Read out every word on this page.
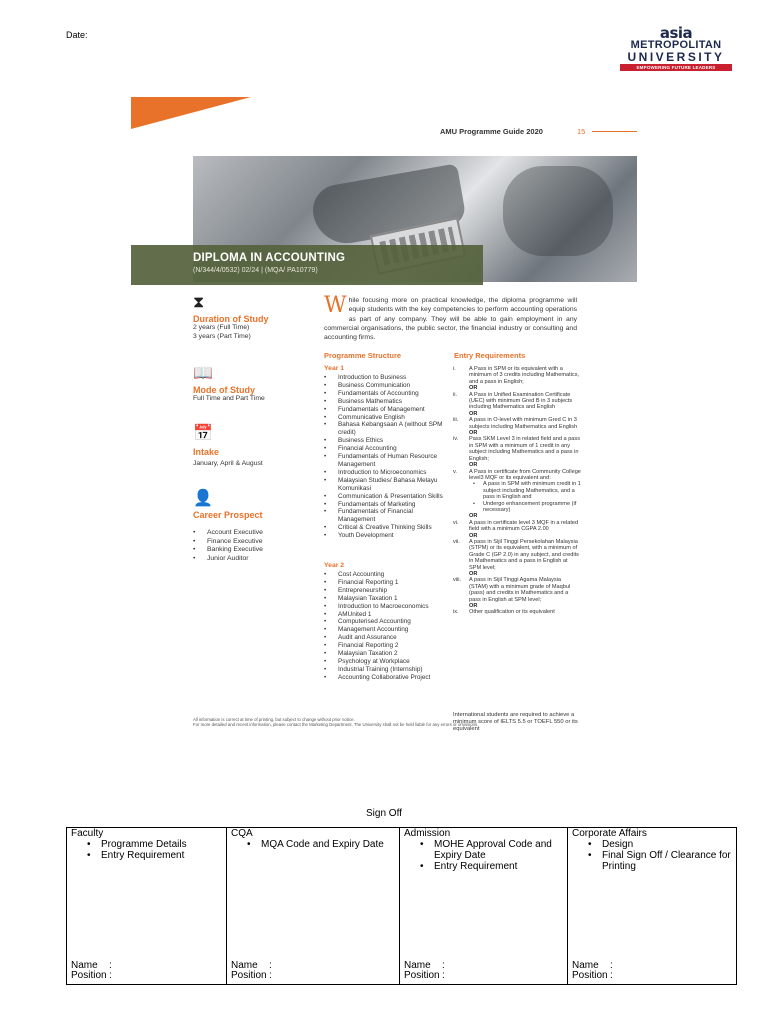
Date:	asia
METROPOLITAN
UNIVERSITY
EMPOWERING FUTURE LEADERS
AMU Programme Guide 2020	15
DIPLOMA IN ACCOUNTING
(N/344/4/0532) 02/24 | (MQA/ PA10779)
⧗
Duration of Study
2 years (Full Time)
3 years (Part Time)
📖
Mode of Study
Full Time and Part Time
📅
Intake
January, April & August
👤
Career Prospect
• Account Executive
• Finance Executive
• Banking Executive
• Junior Auditor
While focusing more on practical knowledge, the diploma programme will equip students with the key competencies to perform accounting operations as part of any company. They will be able to gain employment in any commercial organisations, the public sector, the financial industry or consulting and accounting firms.
Programme Structure
Year 1
• Introduction to Business
• Business Communication
• Fundamentals of Accounting
• Business Mathematics
• Fundamentals of Management
• Communicative English
• Bahasa Kebangsaan A (without SPM credit)
• Business Ethics
• Financial Accounting
• Fundamentals of Human Resource Management
• Introduction to Microeconomics
• Malaysian Studies/ Bahasa Melayu Komunikasi
• Communication & Presentation Skills
• Fundamentals of Marketing
• Fundamentals of Financial Management
• Critical & Creative Thinking Skills
• Youth Development
Year 2
• Cost Accounting
• Financial Reporting 1
• Entrepreneurship
• Malaysian Taxation 1
• Introduction to Macroeconomics
• AMUnited 1
• Computerised Accounting
• Management Accounting
• Audit and Assurance
• Financial Reporting 2
• Malaysian Taxation 2
• Psychology at Workplace
• Industrial Training (Internship)
• Accounting Collaborative Project
Entry Requirements
i. A Pass in SPM or its equivalent with a minimum of 3 credits including Mathematics, and a pass in English;
OR
ii. A Pass in Unified Examination Certificate (UEC) with minimum Gred B in 3 subjects including Mathematics and English
OR
iii. A pass in O-level with minimum Gred C in 3 subjects including Mathematics and English
OR
iv. Pass SKM Level 3 in related field and a pass in SPM with a minimum of 1 credit in any subject including Mathematics and a pass in English;
OR
v. A Pass in certificate from Community College level3 MQF or its equivalent and:
• A pass in SPM with minimum credit in 1 subject including Mathematics, and a pass in English and
• Undergo enhancement programme (if necessary)
OR
vi. A pass in certificate level 3 MQF in a related field with a minimum CGPA 2.00
OR
vii. A pass in Sijil Tinggi Persekolahan Malaysia (STPM) or its equivalent, with a minimum of Grade C (GP 2.0) in any subject, and credits in Mathematics and a pass in English at SPM level;
OR
viii. A pass in Sijil Tinggi Agama Malaysia (STAM) with a minimum grade of Maqbul (pass) and credits in Mathematics and a pass in English at SPM level;
OR
ix. Other qualification or its equivalent
International students are required to achieve a minimum score of IELTS 5.5 or TOEFL 550 or its equivalent
All information is correct at time of printing, but subject to change without prior notice.
For more detailed and recent information, please contact the Marketing Department. The University shall not be held liable for any errors or omissions.
Sign Off
Faculty
• Programme Details
• Entry Requirement
Name :
Position :

CQA
• MQA Code and Expiry Date
Name :
Position :

Admission
• MOHE Approval Code and Expiry Date
• Entry Requirement
Name :
Position :

Corporate Affairs
• Design
• Final Sign Off / Clearance for Printing
Name :
Position :
